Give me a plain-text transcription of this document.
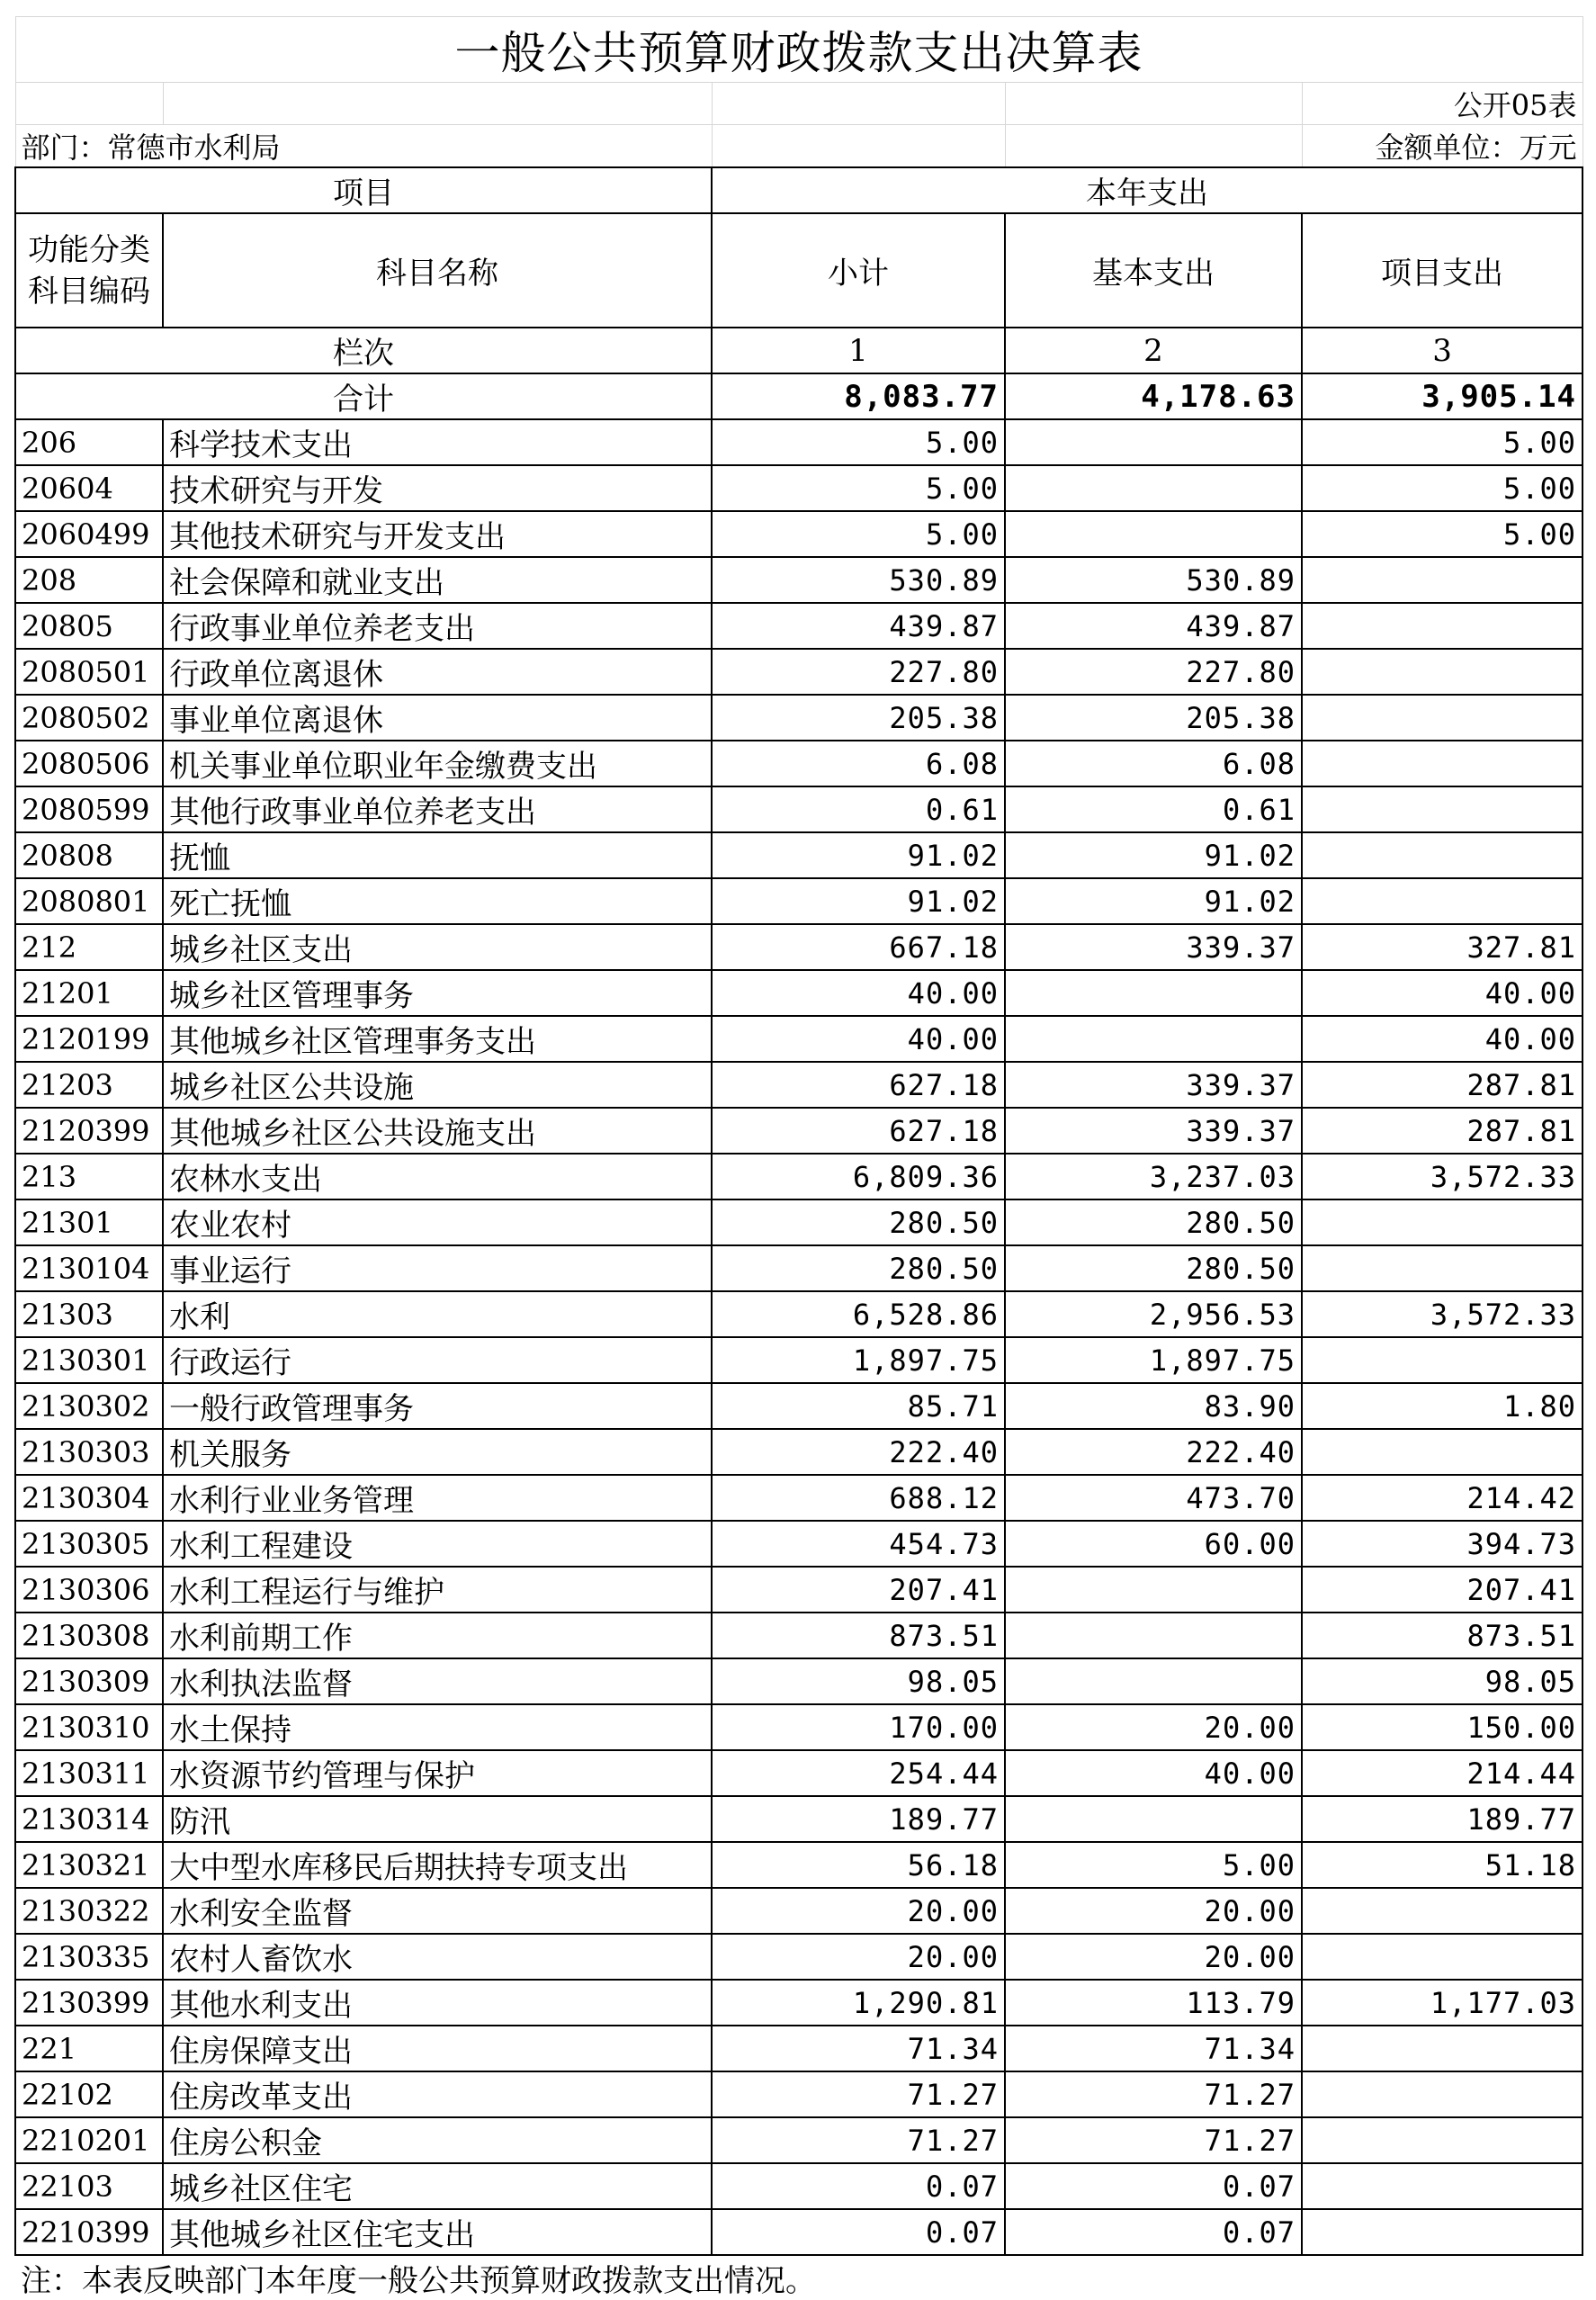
一般公共预算财政拨款支出决算表				
				公开05表
部门：常德市水利局				金额单位：万元
项目		本年支出		

功能分类
科目编码	科目名称	小计	基本支出	项目支出
栏次		1	2	3
合计		8,083.77	4,178.63	3,905.14
206	科学技术支出	5.00		5.00
20604	技术研究与开发	5.00		5.00
2060499	其他技术研究与开发支出	5.00		5.00
208	社会保障和就业支出	530.89	530.89	
20805	行政事业单位养老支出	439.87	439.87	
2080501	行政单位离退休	227.80	227.80	
2080502	事业单位离退休	205.38	205.38	
2080506	机关事业单位职业年金缴费支出	6.08	6.08	
2080599	其他行政事业单位养老支出	0.61	0.61	
20808	抚恤	91.02	91.02	
2080801	死亡抚恤	91.02	91.02	
212	城乡社区支出	667.18	339.37	327.81
21201	城乡社区管理事务	40.00		40.00
2120199	其他城乡社区管理事务支出	40.00		40.00
21203	城乡社区公共设施	627.18	339.37	287.81
2120399	其他城乡社区公共设施支出	627.18	339.37	287.81
213	农林水支出	6,809.36	3,237.03	3,572.33
21301	农业农村	280.50	280.50	
2130104	事业运行	280.50	280.50	
21303	水利	6,528.86	2,956.53	3,572.33
2130301	行政运行	1,897.75	1,897.75	
2130302	一般行政管理事务	85.71	83.90	1.80
2130303	机关服务	222.40	222.40	
2130304	水利行业业务管理	688.12	473.70	214.42
2130305	水利工程建设	454.73	60.00	394.73
2130306	水利工程运行与维护	207.41		207.41
2130308	水利前期工作	873.51		873.51
2130309	水利执法监督	98.05		98.05
2130310	水土保持	170.00	20.00	150.00
2130311	水资源节约管理与保护	254.44	40.00	214.44
2130314	防汛	189.77		189.77
2130321	大中型水库移民后期扶持专项支出	56.18	5.00	51.18
2130322	水利安全监督	20.00	20.00	
2130335	农村人畜饮水	20.00	20.00	
2130399	其他水利支出	1,290.81	113.79	1,177.03
221	住房保障支出	71.34	71.34	
22102	住房改革支出	71.27	71.27	
2210201	住房公积金	71.27	71.27	
22103	城乡社区住宅	0.07	0.07	
2210399	其他城乡社区住宅支出	0.07	0.07	
注：本表反映部门本年度一般公共预算财政拨款支出情况。				
